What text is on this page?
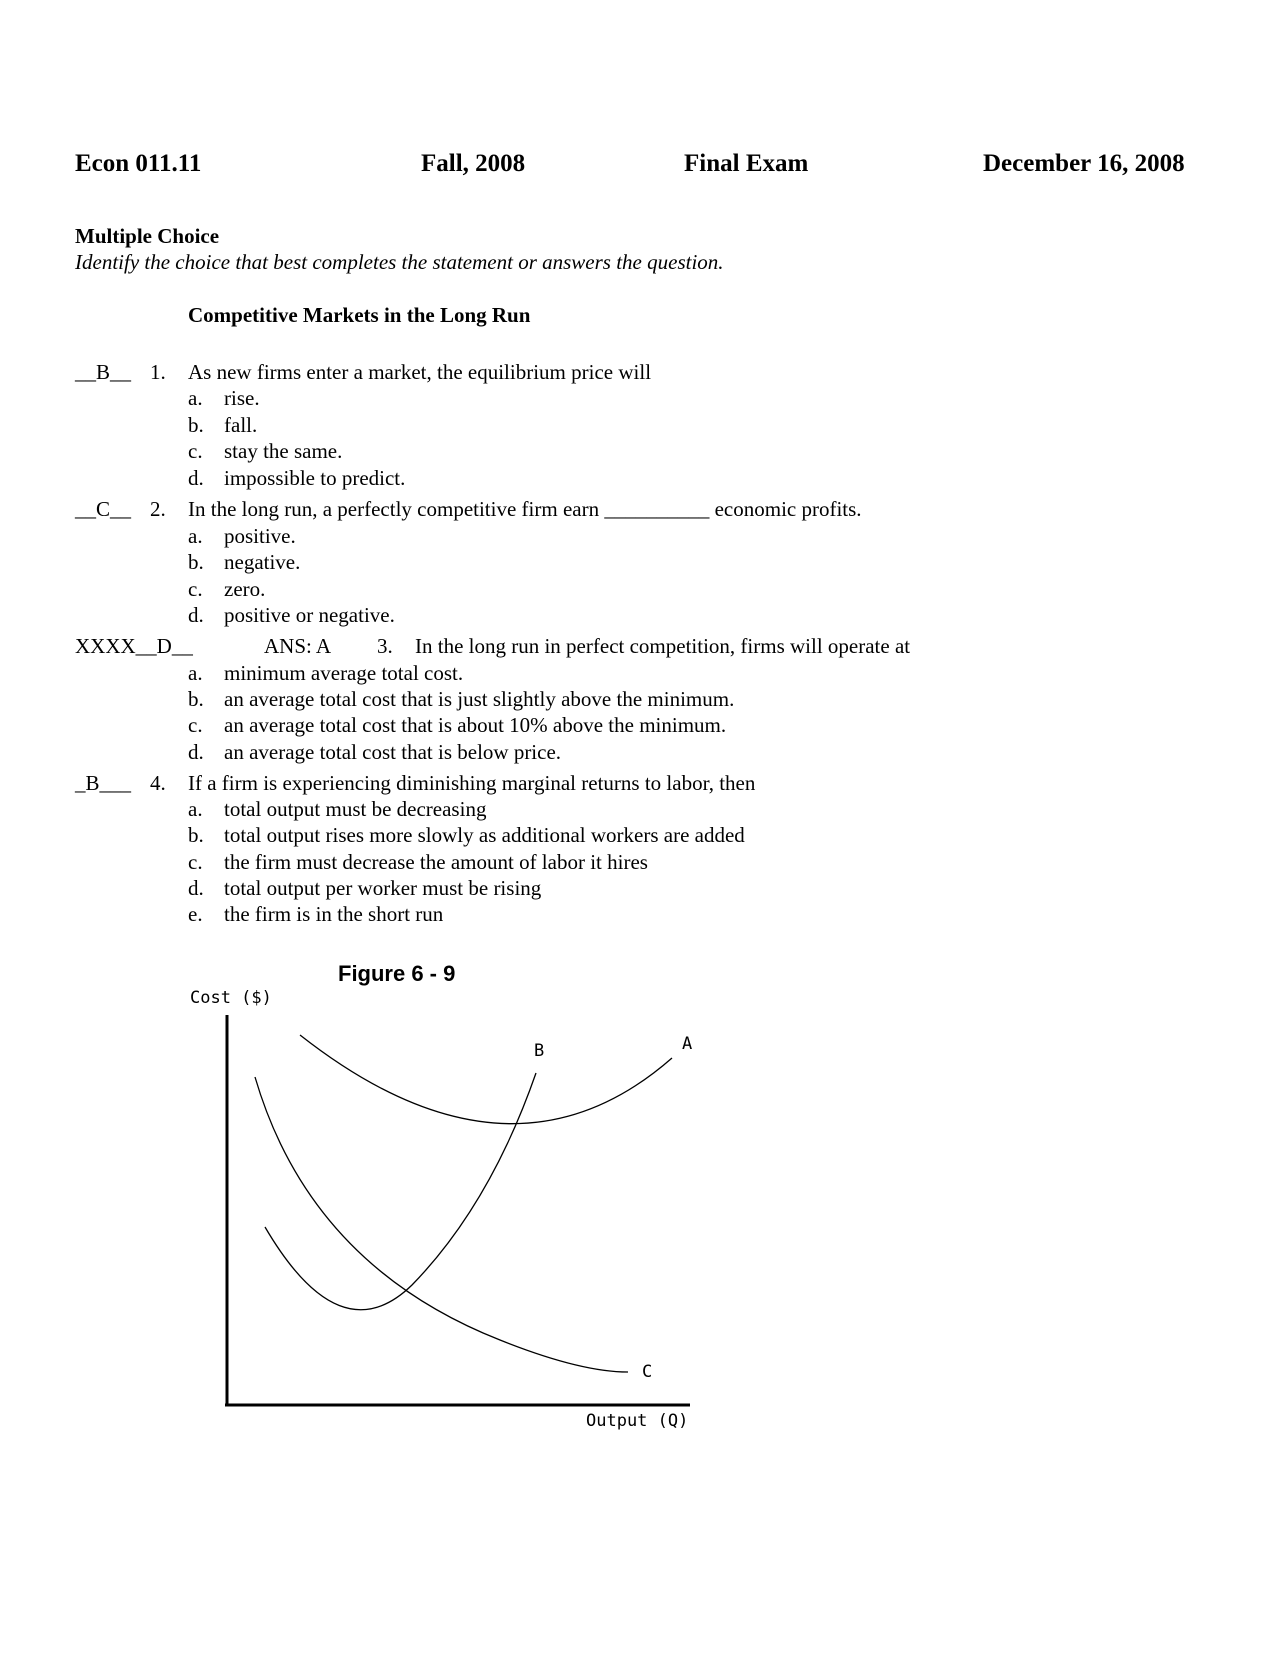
Econ 011.11	Fall, 2008	Final Exam	December 16, 2008
Multiple Choice
Identify the choice that best completes the statement or answers the question.
Competitive Markets in the Long Run
__B__ 1. As new firms enter a market, the equilibrium price will
a. rise.
b. fall.
c. stay the same.
d. impossible to predict.
__C__ 2. In the long run, a perfectly competitive firm earn __________ economic profits.
a. positive.
b. negative.
c. zero.
d. positive or negative.
XXXX__D__	ANS: A 3. In the long run in perfect competition, firms will operate at
a. minimum average total cost.
b. an average total cost that is just slightly above the minimum.
c. an average total cost that is about 10% above the minimum.
d. an average total cost that is below price.
_B___ 4. If a firm is experiencing diminishing marginal returns to labor, then
a. total output must be decreasing
b. total output rises more slowly as additional workers are added
c. the firm must decrease the amount of labor it hires
d. total output per worker must be rising
e. the firm is in the short run
Figure 6 - 9
Cost ($)
Output (Q)
A
B
C
